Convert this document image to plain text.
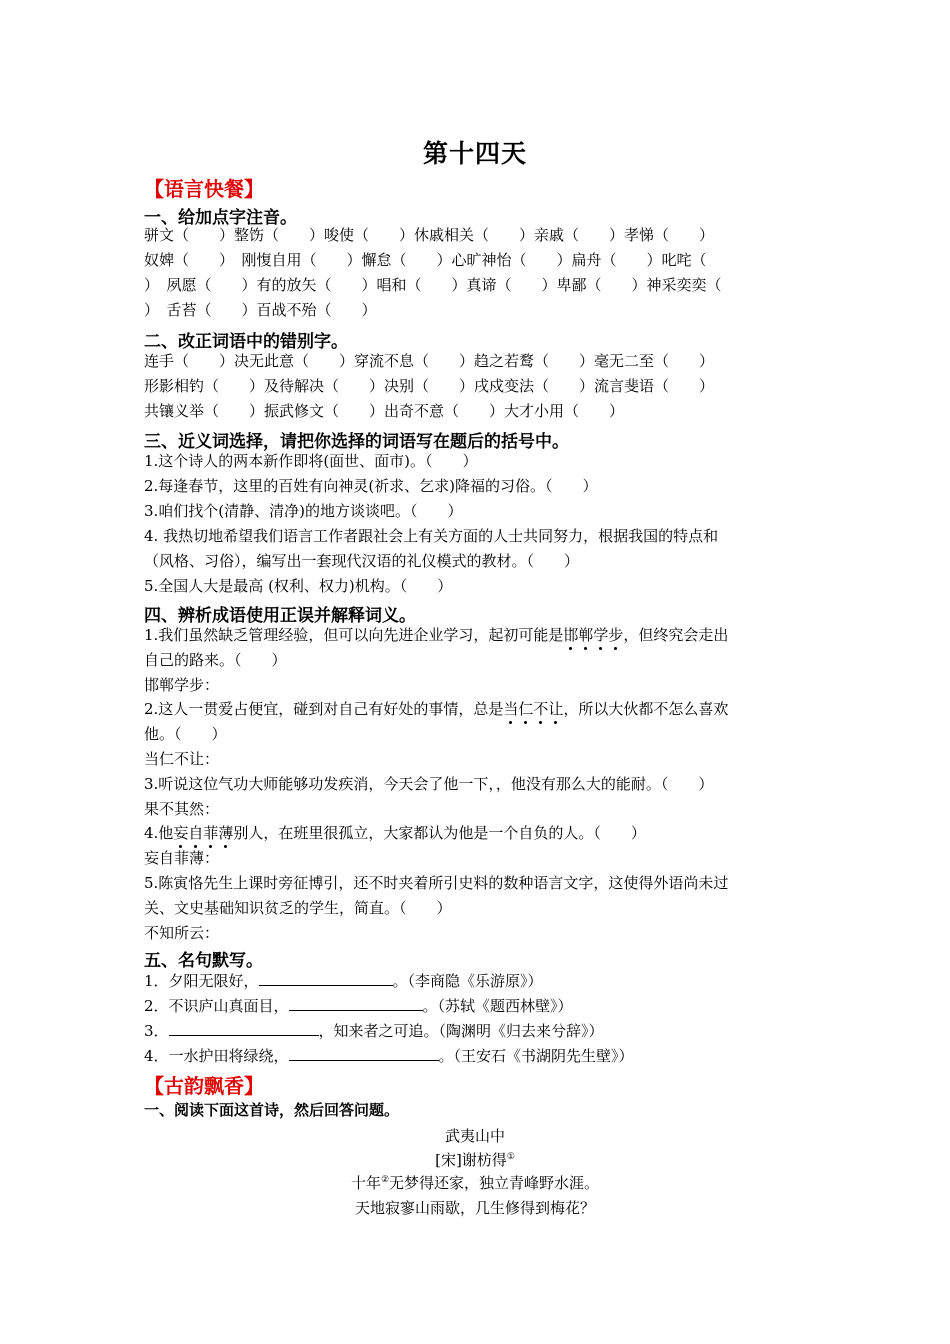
第十四天
【语言快餐】
一、给加点字注音。
骈文（　　）整饬（　　）唆使（　　）休戚相关（　　）亲戚（　　）孝悌（　　）
奴婢（　　）　刚愎自用（　　）懈怠（　　）心旷神怡（　　）扁舟（　　）叱咤（　
）　夙愿（　　）有的放矢（　　）唱和（　　）真谛（　　）卑鄙（　　）神采奕奕（　
）　舌苔（　　）百战不殆（　　）
二、改正词语中的错别字。
连手（　　）决无此意（　　）穿流不息（　　）趋之若鹜（　　）毫无二至（　　）
形影相钓（　　）及待解决（　　）决别（　　）戌戍变法（　　）流言斐语（　　）
共镶义举（　　）振武修文（　　）出奇不意（　　）大才小用（　　）
三、近义词选择，请把你选择的词语写在题后的括号中。
1.这个诗人的两本新作即将(面世、面市)。（　　）
2.每逢春节，这里的百姓有向神灵(祈求、乞求)降福的习俗。（　　）
3.咱们找个(清静、清净)的地方谈谈吧。（　　）
4. 我热切地希望我们语言工作者跟社会上有关方面的人士共同努力，根据我国的特点和
（风格、习俗），编写出一套现代汉语的礼仪模式的教材。（　　）
5.全国人大是最高 (权利、权力)机构。（　　）
四、辨析成语使用正误并解释词义。
1.我们虽然缺乏管理经验，但可以向先进企业学习，起初可能是邯郸学步
，但终究会走出
自己的路来。（　　）
邯郸学步：
2.这人一贯爱占便宜，碰到对自己有好处的事情，总是当仁不让
，所以大伙都不怎么喜欢
他。（　　）
当仁不让：
3.听说这位气功大师能够功发疾消，今天会了他一下，，他没有那么大的能耐。（　　）
果不其然：
4.他妄自菲薄
别人，在班里很孤立，大家都认为他是一个自负的人。（　　）
妄自菲薄：
5.陈寅恪先生上课时旁征博引，还不时夹着所引史料的数种语言文字，这使得外语尚未过
关、文史基础知识贫乏的学生，简直。（　　）
不知所云：
五、名句默写。
1．夕阳无限好，	。（李商隐《乐游原》）
2．不识庐山真面目，	。（苏轼《题西林壁》）
3．	，知来者之可追。（陶渊明《归去来兮辞》）
4．一水护田将绿绕，	。（王安石《书湖阴先生壁》）
【古韵飘香】
一、阅读下面这首诗，然后回答问题。
武夷山中
[宋]谢枋得①
十年②无梦得还家，独立青峰野水涯。
天地寂寥山雨歇，几生修得到梅花？
